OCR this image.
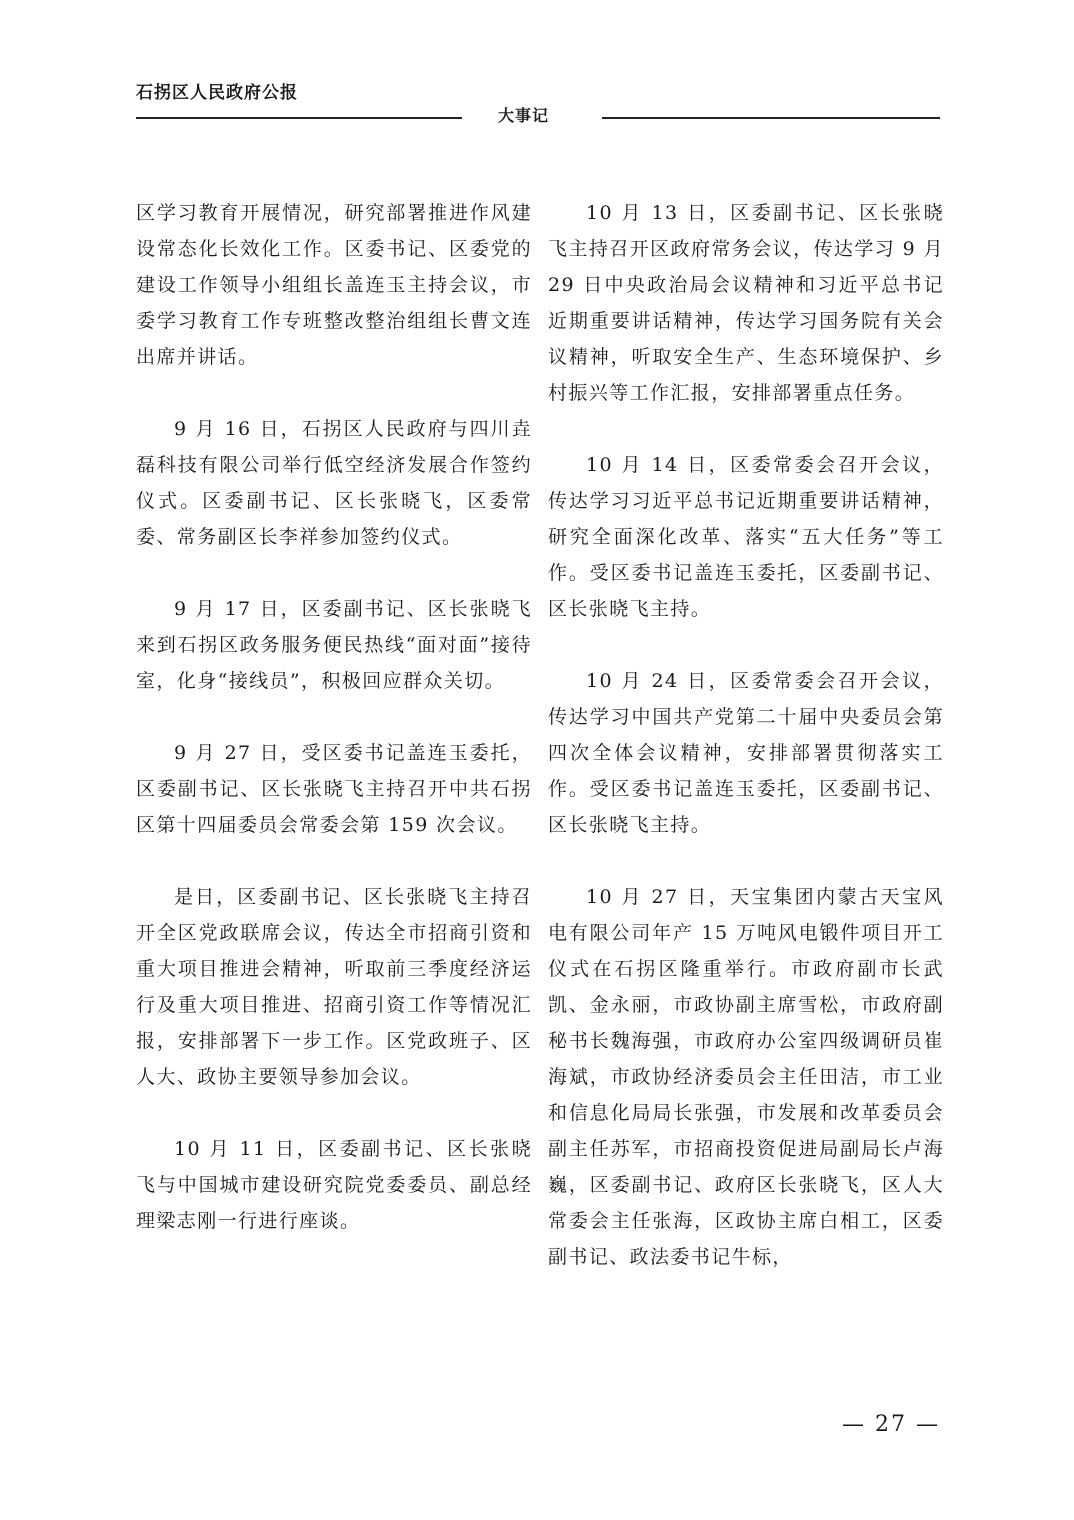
石拐区人民政府公报
大事记

区学习教育开展情况，研究部署推进作风建设常态化长效化工作。区委书记、区委党的建设工作领导小组组长盖连玉主持会议，市委学习教育工作专班整改整治组组长曹文连出席并讲话。

9 月 16 日，石拐区人民政府与四川垚磊科技有限公司举行低空经济发展合作签约仪式。区委副书记、区长张晓飞，区委常委、常务副区长李祥参加签约仪式。

9 月 17 日，区委副书记、区长张晓飞来到石拐区政务服务便民热线“面对面”接待室，化身“接线员”，积极回应群众关切。

9 月 27 日，受区委书记盖连玉委托，区委副书记、区长张晓飞主持召开中共石拐区第十四届委员会常委会第 159 次会议。

是日，区委副书记、区长张晓飞主持召开全区党政联席会议，传达全市招商引资和重大项目推进会精神，听取前三季度经济运行及重大项目推进、招商引资工作等情况汇报，安排部署下一步工作。区党政班子、区人大、政协主要领导参加会议。

10 月 11 日，区委副书记、区长张晓飞与中国城市建设研究院党委委员、副总经理梁志刚一行进行座谈。

10 月 13 日，区委副书记、区长张晓飞主持召开区政府常务会议，传达学习 9 月 29 日中央政治局会议精神和习近平总书记近期重要讲话精神，传达学习国务院有关会议精神，听取安全生产、生态环境保护、乡村振兴等工作汇报，安排部署重点任务。

10 月 14 日，区委常委会召开会议，传达学习习近平总书记近期重要讲话精神，研究全面深化改革、落实“五大任务”等工作。受区委书记盖连玉委托，区委副书记、区长张晓飞主持。

10 月 24 日，区委常委会召开会议，传达学习中国共产党第二十届中央委员会第四次全体会议精神，安排部署贯彻落实工作。受区委书记盖连玉委托，区委副书记、区长张晓飞主持。

10 月 27 日，天宝集团内蒙古天宝风电有限公司年产 15 万吨风电锻件项目开工仪式在石拐区隆重举行。市政府副市长武凯、金永丽，市政协副主席雪松，市政府副秘书长魏海强，市政府办公室四级调研员崔海斌，市政协经济委员会主任田洁，市工业和信息化局局长张强，市发展和改革委员会副主任苏军，市招商投资促进局副局长卢海巍，区委副书记、政府区长张晓飞，区人大常委会主任张海，区政协主席白相工，区委副书记、政法委书记牛标，

— 27 —
